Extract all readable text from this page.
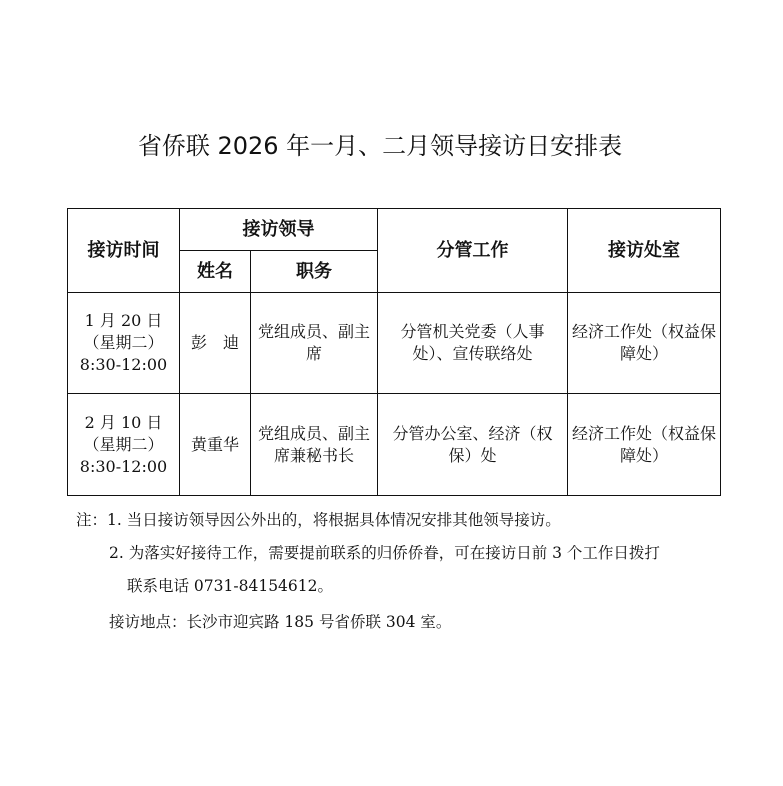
省侨联 2026 年一月、二月领导接访日安排表
接访时间	接访领导		分管工作	接访处室
	姓名	职务		

1 月 20 日
（星期二）
8:30-12:00	彭　迪	党组成员、副主席	分管机关党委（人事处）、宣传联络处	经济工作处（权益保障处）

2 月 10 日
（星期二）
8:30-12:00	黄重华	党组成员、副主席兼秘书长	分管办公室、经济（权保）处	经济工作处（权益保障处）
注：1. 当日接访领导因公外出的，将根据具体情况安排其他领导接访。
2. 为落实好接待工作，需要提前联系的归侨侨眷，可在接访日前 3 个工作日拨打
联系电话 0731-84154612。
接访地点：长沙市迎宾路 185 号省侨联 304 室。
